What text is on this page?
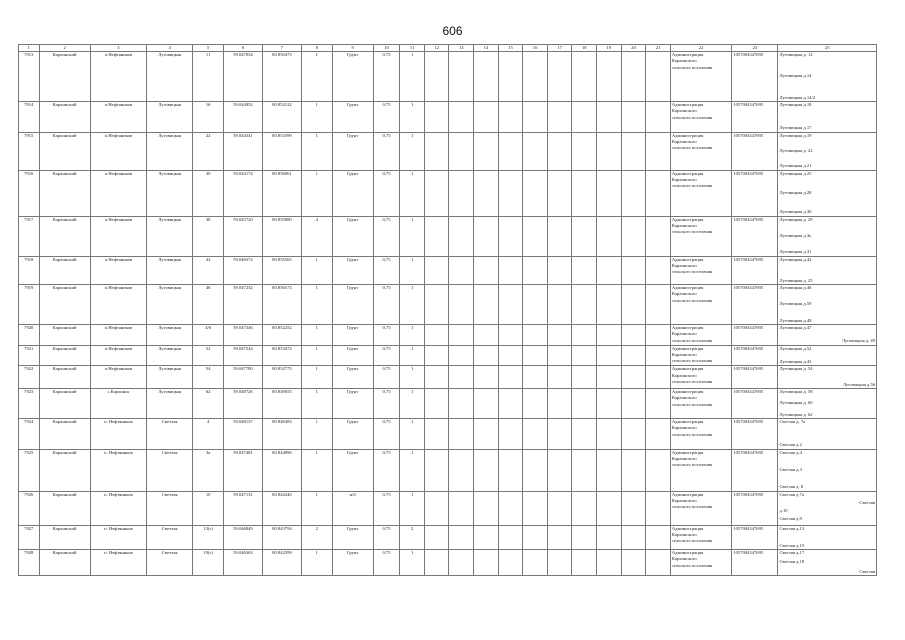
606
1	2	3	4	5	6	7	8	9	10	11	12	13	14	15	16	17	18	19	20	21	22	23	25
7913	Карлинский	п.Нефтяников	Луговицкая	11	59.047034	80.850473	1	Грунт	0,75	1											Администрация
Карлинского
сельского поселения	1057004347695	Луговицкая д. 12
Луговицкая д.14
Луговицкая д.14/2

7914	Карлинский	п.Нефтяников	Луговицкая	16	59.044952	80.852122	1	Грунт	0,75	1											Администрация
Карлинского
сельского поселения	1057004347695	Луговицкая д.18
Луговицкая д.17

7915	Карлинский	п.Нефтяников	Луговицкая	22	59.044341	80.853399	1	Грунт	0,75	1											Администрация
Карлинского
сельского поселения	1057004347695	Луговицкая д.19
Луговицкая д. 22
Луговицкая д.21

7916	Карлинский	п.Нефтяников	Луговицкая	30	59.044174	80.856061	1	Грунт	0,75	1											Администрация
Карлинского
сельского поселения	1057004347695	Луговицкая д.25
Луговицкая д.28
Луговицкая д.30

7917	Карлинский	п.Нефтяников	Луговицкая	38	59.045720	80.855880	4	Грунт	0,75	1											Администрация
Карлинского
сельского поселения	1057004347695	Луговицкая д. 29
Луговицкая д.3ь
Луговицкая д.31

7918	Карлинский	п.Нефтяников	Луговицкая	42	59.046572	80.855565	1	Грунт	0,75	1											Администрация
Карлинского
сельского поселения	1057004347695	Луговицкая д.42
Луговицкая д. 25

7919	Карлинский	п.Нефтяников	Луговицкая	46	59.047232	80.856573	1	Грунт	0,75	1											Администрация
Карлинского
сельского поселения	1057004347695	Луговицкая д.46
Луговицкая д.59
Луговицкая д.48

7920	Карлинский	п.Нефтяников	Луговицкая	4/6	59.047346	80.852252	1	Грунт	0,75	1											Администрация
Карлинского
сельского поселения	1057004347695	Луговицкая д.47
Луговицкая д. 49

7921	Карлинский	п.Нефтяников	Луговицкая	52	59.047544	80.853472	1	Грунт	0,75	1											Администрация
Карлинского
сельского поселения	1057004347695	Луговицкая д.52
Луговицкая д.43

7922	Карлинский	п.Нефтяников	Луговицкая	54	59.047780	80.852775	1	Грунт	0,75	1											Администрация
Карлинского
сельского поселения	1057004347695	Луговицкая д. 54
Луговицкая д.56

7923	Карлинский	с.Карлинск	Луговицкая	62	59.048726	80.849055	1	Грунт	0,75	1											Администрация
Карлинского
сельского поселения	1057004347695	Луговицкая д. 58
Луговицкая д. 60
Луговицкая д. 62

7924	Карлинский	п. Нефтяников	Светлая	4	59.048137	80.846383	1	Грунт	0,75	1											Администрация
Карлинского
сельского поселения	1057004347695	Светлая д. 7а
Светлая д.2

7925	Карлинский	п. Нефтяников	Светлая	3а	59.047481	80.844896	1	Грунт	0,75	1											Администрация
Карлинского
сельского поселения	1057004347695	Светлая д.4
Светлая д.3
Светлая д. 8

7926	Карлинский	п. Нефтяников	Светлая	10	59.047131	80.844346	1	н/б	0,75	1											Администрация
Карлинского
сельского поселения	1057004347695	Светлая д.7а
Светлая
д.10
Светлая д.9

7927	Карлинский	п. Нефтяников	Светлая	13(г)	59.046849	80.843794	2	Грунт	0,75	2											Администрация
Карлинского
сельского поселения	1057004347695	Светлая д.13
Светлая д.15

7928	Карлинский	п. Нефтяников	Светлая	19(г)	59.046363	80.842599	1	Грунт	0,75	1											Администрация
Карлинского
сельского поселения	1057004347695	Светлая д.17
Светлая д.18
Светлая
